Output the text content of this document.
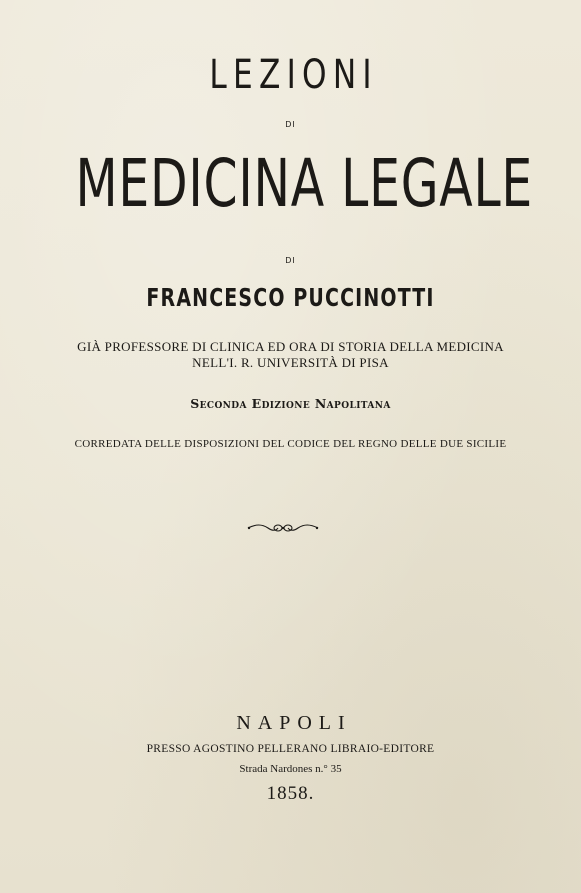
LEZIONI
DI
MEDICINA LEGALE
DI
FRANCESCO PUCCINOTTI
GIÀ PROFESSORE DI CLINICA ED ORA DI STORIA DELLA MEDICINA
NELL'I. R. UNIVERSITÀ DI PISA
Seconda Edizione Napolitana
CORREDATA DELLE DISPOSIZIONI DEL CODICE DEL REGNO DELLE DUE SICILIE
NAPOLI
PRESSO AGOSTINO PELLERANO LIBRAIO-EDITORE
Strada Nardones n.° 35
1858.
